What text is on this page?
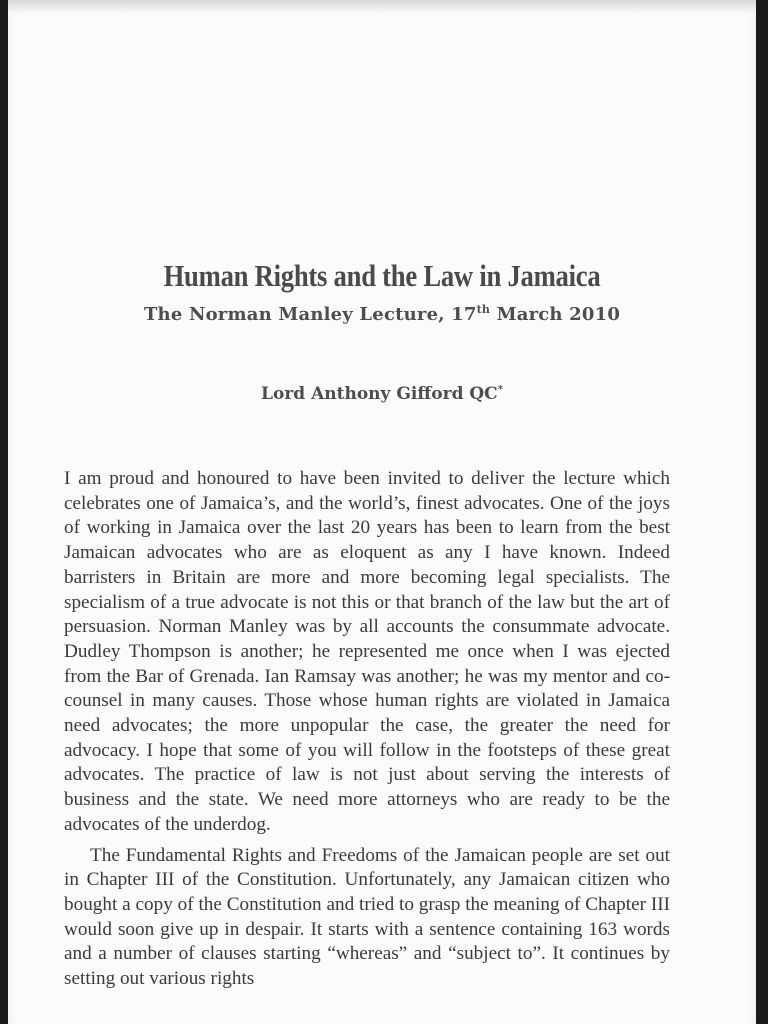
Human Rights and the Law in Jamaica
The Norman Manley Lecture, 17th March 2010
Lord Anthony Gifford QC*

I am proud and honoured to have been invited to deliver the lecture which celebrates one of Jamaica’s, and the world’s, finest advocates. One of the joys of working in Jamaica over the last 20 years has been to learn from the best Jamaican advocates who are as eloquent as any I have known. Indeed barristers in Britain are more and more becoming legal specialists. The specialism of a true advocate is not this or that branch of the law but the art of persuasion. Norman Manley was by all accounts the consummate advocate. Dudley Thompson is another; he represented me once when I was ejected from the Bar of Grenada. Ian Ramsay was another; he was my mentor and co-counsel in many causes. Those whose human rights are violated in Jamaica need advocates; the more unpopular the case, the greater the need for advocacy. I hope that some of you will follow in the footsteps of these great advocates. The practice of law is not just about serving the interests of business and the state. We need more attorneys who are ready to be the advocates of the underdog.

The Fundamental Rights and Freedoms of the Jamaican people are set out in Chapter III of the Constitution. Unfortunately, any Jamaican citizen who bought a copy of the Constitution and tried to grasp the meaning of Chapter III would soon give up in despair. It starts with a sentence containing 163 words and a number of clauses starting “whereas” and “subject to”. It continues by setting out various rights
